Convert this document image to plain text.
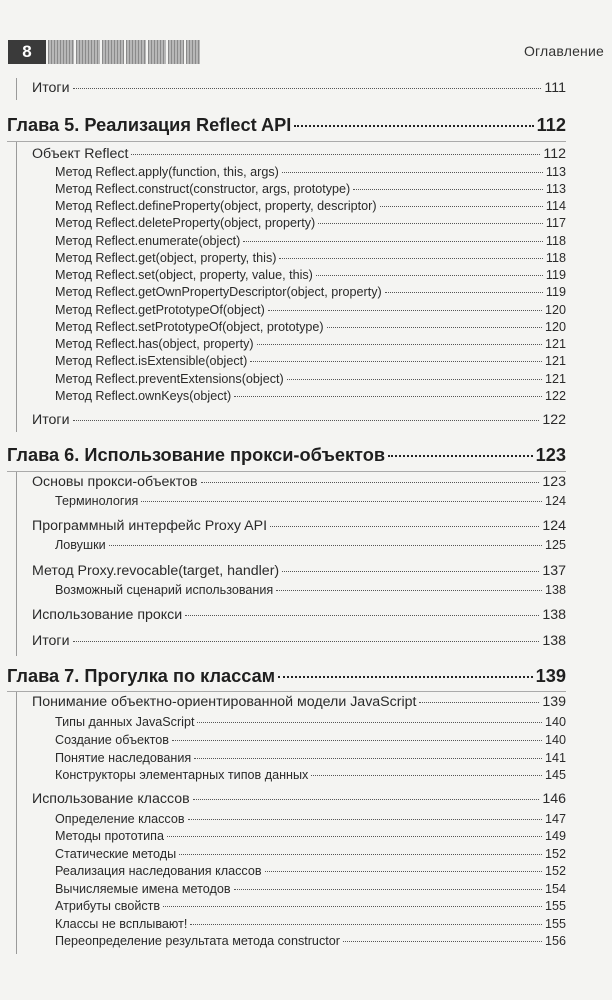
8	Оглавление
Итоги	111
Глава 5. Реализация Reflect API	112
Объект Reflect	112
Метод Reflect.apply(function, this, args)	113
Метод Reflect.construct(constructor, args, prototype)	113
Метод Reflect.defineProperty(object, property, descriptor)	114
Метод Reflect.deleteProperty(object, property)	117
Метод Reflect.enumerate(object)	118
Метод Reflect.get(object, property, this)	118
Метод Reflect.set(object, property, value, this)	119
Метод Reflect.getOwnPropertyDescriptor(object, property)	119
Метод Reflect.getPrototypeOf(object)	120
Метод Reflect.setPrototypeOf(object, prototype)	120
Метод Reflect.has(object, property)	121
Метод Reflect.isExtensible(object)	121
Метод Reflect.preventExtensions(object)	121
Метод Reflect.ownKeys(object)	122
Итоги	122
Глава 6. Использование прокси-объектов	123
Основы прокси-объектов	123
Терминология	124
Программный интерфейс Proxy API	124
Ловушки	125
Метод Proxy.revocable(target, handler)	137
Возможный сценарий использования	138
Использование прокси	138
Итоги	138
Глава 7. Прогулка по классам	139
Понимание объектно-ориентированной модели JavaScript	139
Типы данных JavaScript	140
Создание объектов	140
Понятие наследования	141
Конструкторы элементарных типов данных	145
Использование классов	146
Определение классов	147
Методы прототипа	149
Статические методы	152
Реализация наследования классов	152
Вычисляемые имена методов	154
Атрибуты свойств	155
Классы не всплывают!	155
Переопределение результата метода constructor	156
